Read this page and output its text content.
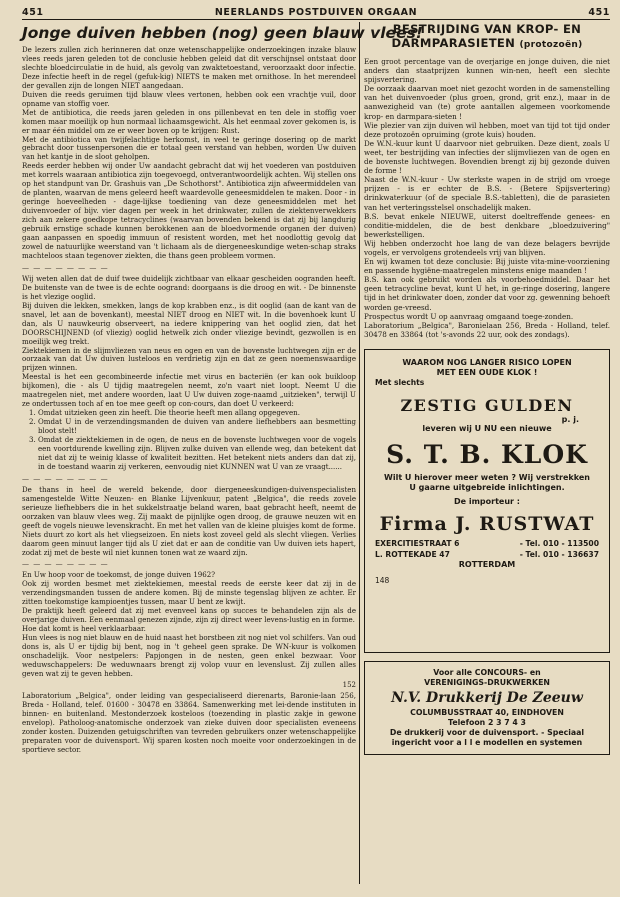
451	NEERLANDS POSTDUIVEN ORGAAN	451
Jonge duiven hebben (nog) geen blauw vlees!

De lezers zullen zich herinneren dat onze wetenschappelijke onderzoekingen inzake blauw vlees reeds jaren geleden tot de conclusie hebben geleid dat dit verschijnsel ontstaat door slechte bloedcirculatie in de huid, als gevolg van zwaktetoestand, veroorzaakt door infectie. Deze infectie heeft in de regel (gefuk-kig) NIETS te maken met ornithose. In het merendeel der gevallen zijn de longen NIET aangedaan.

Duiven die reeds geruimen tijd blauw vlees vertonen, hebben ook een vrachtje vuil, door opname van stoffig voer.

Met de antibiotica, die reeds jaren geleden in ons pillenbevat en ten dele in stoffig voer komen maar moeilijk op hun normaal lichaamsgewicht. Als het eenmaal zover gekomen is, is er maar één middel om ze er weer boven op te krijgen: Rust.

Met de antibiotica van twijfelachtige herkomst, in veel te geringe dosering op de markt gebracht door tussenpersonen die er totaal geen verstand van hebben, worden Uw duiven van het kantje in de sloot geholpen.

Reeds eerder hebben wij onder Uw aandacht gebracht dat wij het voederen van postduiven met korrels waaraan antibiotica zijn toegevoegd, ontverantwoordelijk achten. Wij stellen ons op het standpunt van Dr. Grashuis van „De Schothorst". Antibiotica zijn afweermiddelen van de planten, waarvan de mens geleerd heeft waardevolle geneesmiddelen te maken. Door - in geringe hoeveelheden - dage-lijkse toediening van deze geneesmiddelen met het duivenvoeder of bijv. vier dagen per week in het drinkwater, zullen de ziektenverwekkers zich aan zekere goedkope tetracyclines (waarvan bovenden bekend is dat zij bij langdurig gebruik ernstige schade kunnen berokkenen aan de bloedvormende organen der duiven) gaan aanpassen en spoedig immuun of resistent worden, met het noodlottig gevolg dat zowel de natuurlijke weerstand van 't lichaam als de diergeneeskundige weten-schap straks machteloos staan tegenover ziekten, die thans geen probleem vormen.

— — — — — — — —

Wij weten allen dat de duif twee duidelijk zichtbaar van elkaar gescheiden oogranden heeft. De buitenste van de twee is de echte oogrand: doorgaans is die droog en wit. - De binnenste is het vlezige ooglid.

Bij duiven die lekken, smekken, langs de kop krabben enz., is dit ooglid (aan de kant van de snavel, let aan de bovenkant), meestal NIET droog en NIET wit. In die bovenhoek kunt U dan, als U nauwkeurig observeert, na iedere knippering van het ooglid zien, dat het DOORSCHIJNEND (of vliezig) ooglid hetwelk zich onder vliezige bevindt, gezwollen is en moeilijk weg trekt.

Ziektekiemen in de slijmvliezen van neus en ogen en van de bovenste luchtwegen zijn er de oorzaak van dat Uw duiven lusteloos en verdrietig zijn en dat ze geen noemenswaardige prijzen winnen.

Meestal is het een gecombineerde infectie met virus en bacteriën (er kan ook buikloop bijkomen), die - als U tijdig maatregelen neemt, zo'n vaart niet loopt. Neemt U die maatregelen niet, met andere woorden, laat U Uw duiven zoge-naamd „uitzieken", terwijl U ze ondertussen toch af en toe mee geeft op con-cours, dan doet U verkeerd:

1. Omdat uitzieken geen zin heeft. Die theorie heeft men allang opgegeven.
2. Omdat U in de verzendingsmanden de duiven van andere liefhebbers aan besmetting bloot stelt!
3. Omdat de ziektekiemen in de ogen, de neus en de bovenste luchtwegen voor de vogels een voortdurende kwelling zijn. Blijven zulke duiven van ellende weg, dan betekent dat niet dat zij te weinig klasse of kwaliteit bezitten. Het betekent niets anders dan dat zij, in de toestand waarin zij verkeren, eenvoudig niet KUNNEN wat U van ze vraagt......
— — — — — — — —

De thans in heel de wereld bekende, door diergeneeskundigen-duivenspecialisten samengestelde Witte Neuzen- en Blanke Lijvenkuur, patent „Belgica", die reeds zovele serieuze liefhebbers die in het sukkelstraatje beland waren, baat gebracht heeft, neemt de oorzaken van blauw vlees weg. Zij maakt de pijnlijke ogen droog, de grauwe neuzen wit en geeft de vogels nieuwe levenskracht. En met het vallen van de kleine pluisjes komt de forme.

Niets duurt zo kort als het vliegseizoen. En niets kost zoveel geld als slecht vliegen. Verlies daarom geen minuut langer tijd als U ziet dat er aan de conditie van Uw duiven iets hapert, zodat zij met de beste wil niet kunnen tonen wat ze waard zijn.

— — — — — — — —

En Uw hoop voor de toekomst, de jonge duiven 1962?

Ook zij worden besmet met ziektekiemen, meestal reeds de eerste keer dat zij in de verzendingsmanden tussen de andere komen. Bij de minste tegenslag blijven ze achter. Er zitten toekomstige kampioentjes tussen, maar U bent ze kwijt.

De praktijk heeft geleerd dat zij met evenveel kans op succes te behandelen zijn als de overjarige duiven. Een eenmaal genezen zijnde, zijn zij direct weer levens-lustig en in forme.

Hoe dat komt is heel verklaarbaar.

Hun vlees is nog niet blauw en de huid naast het borstbeen zit nog niet vol schilfers. Van oud dons is, als U er tijdig bij bent, nog in 't geheel geen sprake. De WN-kuur is volkomen onschadelijk. Voor nestpelers: Papjongen in de nesten, geen enkel bezwaar. Voor weduwschappelers: De weduwnaars brengt zij volop vuur en levenslust. Zij zullen alles geven wat zij te geven hebben.

152

Laboratorium „Belgica", onder leiding van gespecialiseerd dierenarts, Baronie-laan 256, Breda - Holland, telef. 01600 - 30478 en 33864. Samenwerking met lei-dende instituten in binnen- en buitenland. Mestonderzoek kosteloos (toezending in plastic zakje in gewone envelop). Patholoog-anatomische onderzoek van zieke duiven door specialisten eveneens zonder kosten. Duizenden getuigschriften van tevreden gebruikers onzer wetenschappelijke preparaten voor de duivensport. Wij sparen kosten noch moeite voor onderzoekingen in de sportieve sector.

BESTRIJDING VAN KROP- EN
DARMPARASIETEN (protozoën)

Een groot percentage van de overjarige en jonge duiven, die niet anders dan staatprijzen kunnen win-nen, heeft een slechte spijsvertering.

De oorzaak daarvan moet niet gezocht worden in de samenstelling van het duivenvoeder (plus groen, grond, grit enz.), maar in de aanwezigheid van (te) grote aantallen algemeen voorkomende krop- en darmpara-sieten !

Wie plezier van zijn duiven wil hebben, moet van tijd tot tijd onder deze protozoën opruiming (grote kuis) houden.

De W.N.-kuur kunt U daarvoor niet gebruiken. Deze dient, zoals U weet, ter bestrijding van infecties der slijmvliezen van de ogen en de bovenste luchtwegen. Bovendien brengt zij bij gezonde duiven de forme !

Naast de W.N.-kuur - Uw sterkste wapen in de strijd om vroege prijzen - is er echter de B.S. - (Betere Spijsvertering) drinkwaterkuur (of de speciale B.S.-tabletten), die de parasieten van het verteringsstelsel onschadelijk maken.

B.S. bevat enkele NIEUWE, uiterst doeltreffende genees- en conditie-middelen, die de best denkbare „bloedzuivering" bewerkstelligen.

Wij hebben onderzocht hoe lang de van deze belagers bevrijde vogels, er vervolgens grotendeels vrij van blijven.

En wij kwamen tot deze conclusie: Bij juiste vita-mine-voorziening en passende hygiëne-maatregelen minstens enige maanden !

B.S. kan ook gebruikt worden als voorbehoedmiddel. Daar het geen tetracycline bevat, kunt U het, in ge-ringe dosering, langere tijd in het drinkwater doen, zonder dat voor zg. gewenning behoeft worden ge-vreesd.

Prospectus wordt U op aanvraag omgaand toege-zonden.

Laboratorium „Belgica", Baronielaan 256, Breda - Holland, telef. 30478 en 33864 (tot 's-avonds 22 uur, ook des zondags).

WAAROM NOG LANGER RISICO LOPEN
MET EEN OUDE KLOK !
Met slechts
ZESTIG GULDEN
p. j.
leveren wij U NU een nieuwe
S. T. B. KLOK
Wilt U hierover meer weten ? Wij verstrekken
U gaarne uitgebreide inlichtingen.
De importeur :
Firma J. RUSTWAT
EXERCITIESTRAAT 6	- Tel. 010 - 113500
L. ROTTEKADE 47	- Tel. 010 - 136637
ROTTERDAM
148
Voor alle CONCOURS- en
VERENIGINGS-DRUKWERKEN
N.V. Drukkerij De Zeeuw
COLUMBUSSTRAAT 40, EINDHOVEN
Telefoon 2 3 7 4 3
De drukkerij voor de duivensport. - Speciaal
ingericht voor a l l e modellen en systemen
